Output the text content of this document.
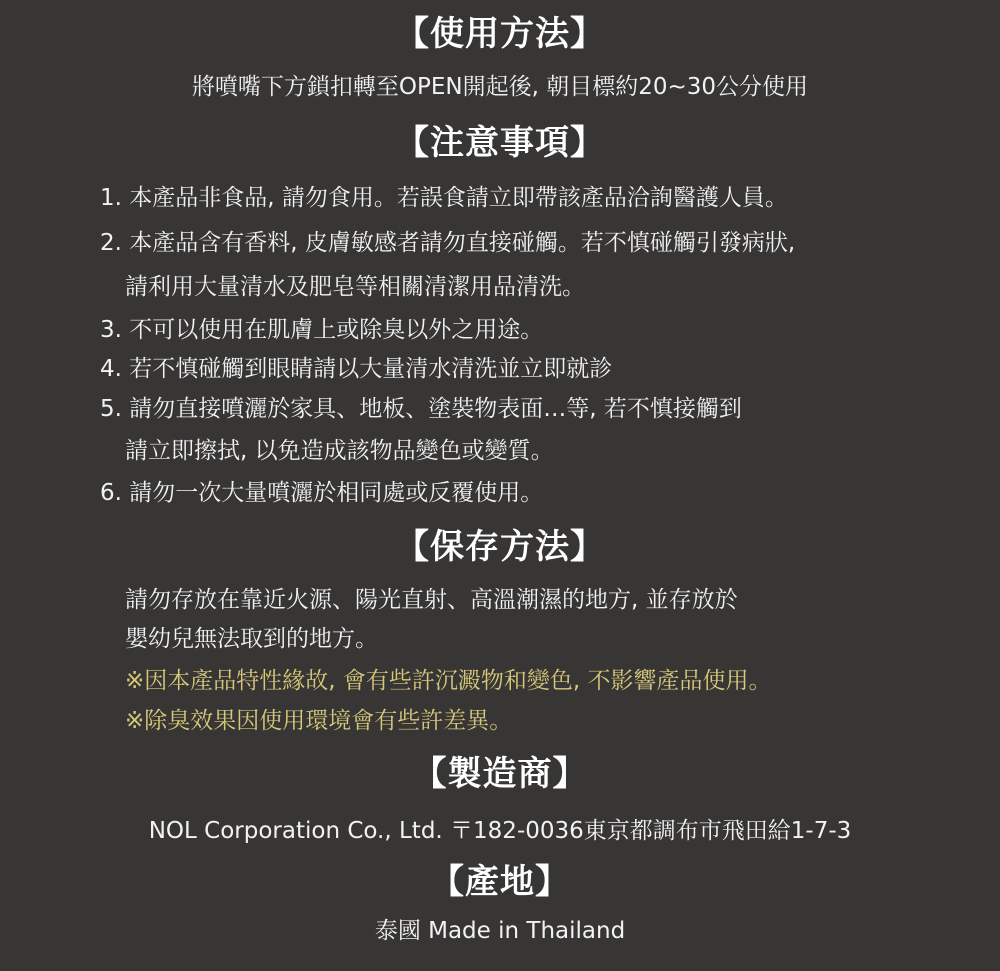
【使用方法】
將噴嘴下方鎖扣轉至OPEN開起後, 朝目標約20~30公分使用
【注意事項】
1. 本產品非食品, 請勿食用。若誤食請立即帶該產品洽詢醫護人員。
2. 本產品含有香料, 皮膚敏感者請勿直接碰觸。若不慎碰觸引發病狀,
請利用大量清水及肥皂等相關清潔用品清洗。
3. 不可以使用在肌膚上或除臭以外之用途。
4. 若不慎碰觸到眼睛請以大量清水清洗並立即就診
5. 請勿直接噴灑於家具、地板、塗裝物表面…等, 若不慎接觸到
請立即擦拭, 以免造成該物品變色或變質。
6. 請勿一次大量噴灑於相同處或反覆使用。
【保存方法】
請勿存放在靠近火源、陽光直射、高溫潮濕的地方, 並存放於
嬰幼兒無法取到的地方。
※因本產品特性緣故, 會有些許沉澱物和變色, 不影響產品使用。
※除臭效果因使用環境會有些許差異。
【製造商】
NOL Corporation Co., Ltd. 〒182-0036東京都調布市飛田給1-7-3
【產地】
泰國 Made in Thailand
